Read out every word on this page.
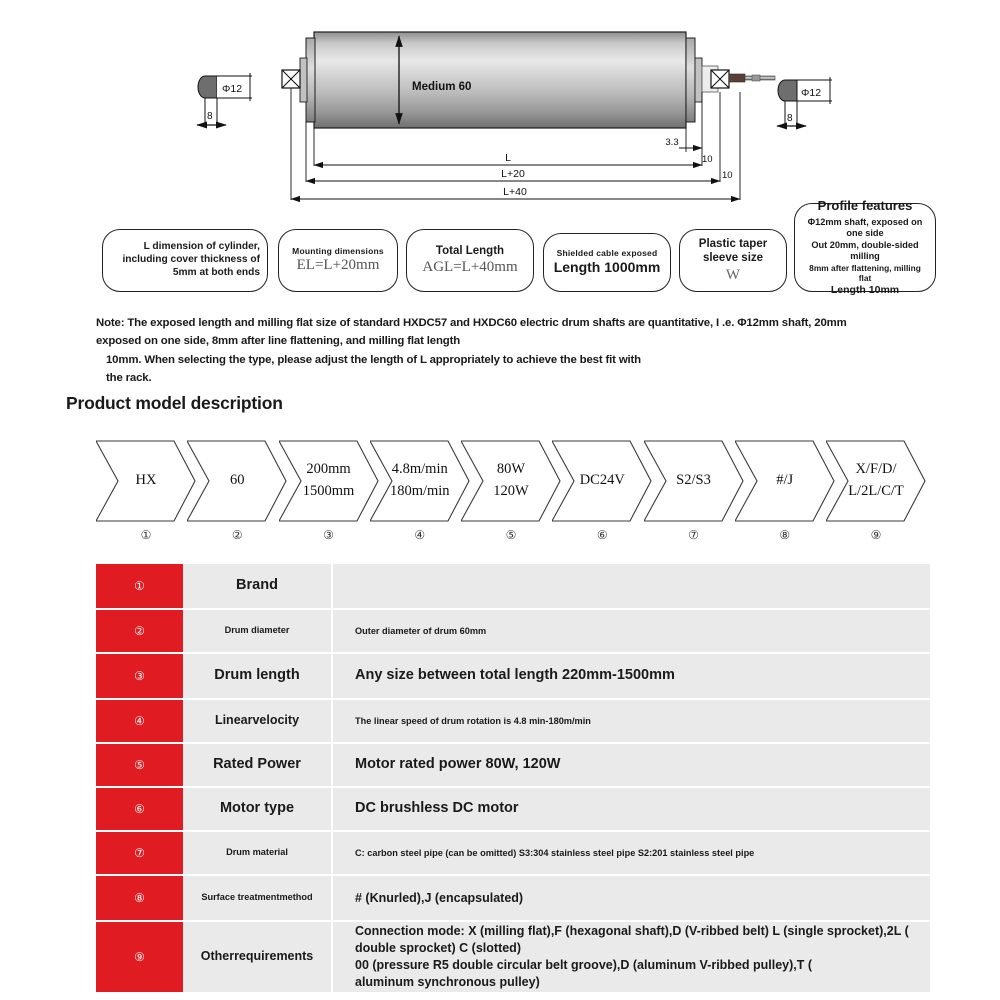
Medium 60
Φ12
8
Φ12
8
3.3
L	10
L+20	10
L+40
L dimension of cylinder,
including cover thickness of
5mm at both ends
Mounting dimensions
EL=L+20mm
Total Length
AGL=L+40mm
Shielded cable exposed
Length 1000mm
Plastic taper
sleeve size
W
Profile features
Φ12mm shaft, exposed on one side
Out 20mm, double-sided milling
8mm after flattening, milling flat
Length 10mm
Note: The exposed length and milling flat size of standard HXDC57 and HXDC60 electric drum shafts are quantitative, I .e. Φ12mm shaft, 20mm
exposed on one side, 8mm after line flattening, and milling flat length
10mm. When selecting the type, please adjust the length of L appropriately to achieve the best fit with
the rack.
Product model description
HX
①
60
②
200mm
1500mm
③
4.8m/min
180m/min
④
80W
120W
⑤
DC24V
⑥
S2/S3
⑦
#/J
⑧
X/F/D/
L/2L/C/T
⑨
①	Brand
②	Drum diameter	Outer diameter of drum 60mm
③	Drum length	Any size between total length 220mm-1500mm
④	Linear velocity	The linear speed of drum rotation is 4.8 min-180m/min
⑤	Rated Power	Motor rated power 80W, 120W
⑥	Motor type	DC brushless DC motor
⑦	Drum material	C: carbon steel pipe (can be omitted) S3:304 stainless steel pipe S2:201 stainless steel pipe
⑧	Surface treatment method	# (Knurled),J (encapsulated)
⑨	Other requirements
Connection mode: X (milling flat),F (hexagonal shaft),D (V-ribbed belt) L (single sprocket),2L (
double sprocket) C (slotted)
00 (pressure R5 double circular belt groove),D (aluminum V-ribbed pulley),T (
aluminum synchronous pulley)
